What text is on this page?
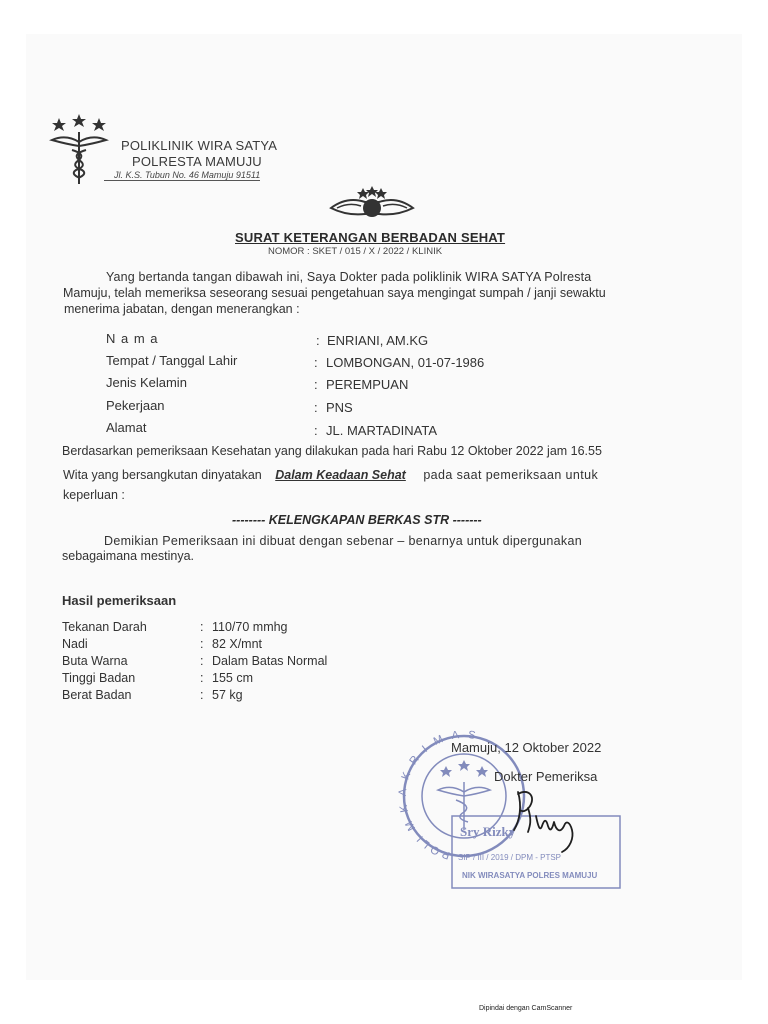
POLIKLINIK WIRA SATYA
POLRESTA MAMUJU
Jl. K.S. Tubun No. 46 Mamuju 91511
SURAT KETERANGAN BERBADAN SEHAT
NOMOR : SKET / 015 / X / 2022 / KLINIK
Yang bertanda tangan dibawah ini, Saya Dokter pada poliklinik WIRA SATYA Polresta
Mamuju, telah memeriksa seseorang sesuai pengetahuan saya mengingat sumpah / janji sewaktu
menerima jabatan, dengan menerangkan :
N a m a	: ENRIANI, AM.KG
Tempat / Tanggal Lahir	: LOMBONGAN, 01-07-1986
Jenis Kelamin	: PEREMPUAN
Pekerjaan	: PNS
Alamat	: JL. MARTADINATA
Berdasarkan pemeriksaan Kesehatan yang dilakukan pada hari Rabu 12 Oktober 2022 jam 16.55
Wita yang bersangkutan dinyatakan Dalam Keadaan Sehat pada saat pemeriksaan untuk
keperluan :
-------- KELENGKAPAN BERKAS STR -------
Demikian Pemeriksaan ini dibuat dengan sebenar – benarnya untuk dipergunakan
sebagaimana mestinya.
Hasil pemeriksaan
Tekanan Darah	: 110/70 mmhg
Nadi	: 82 X/mnt
Buta Warna	: Dalam Batas Normal
Tinggi Badan	: 155 cm
Berat Badan	: 57 kg
POLI M K A K R I M A S
Sry Rizky
SIP / III / 2019 / DPM - PTSP
NIK WIRASATYA POLRES MAMUJU
Mamuju, 12 Oktober 2022
Dokter Pemeriksa
Dipindai dengan CamScanner
